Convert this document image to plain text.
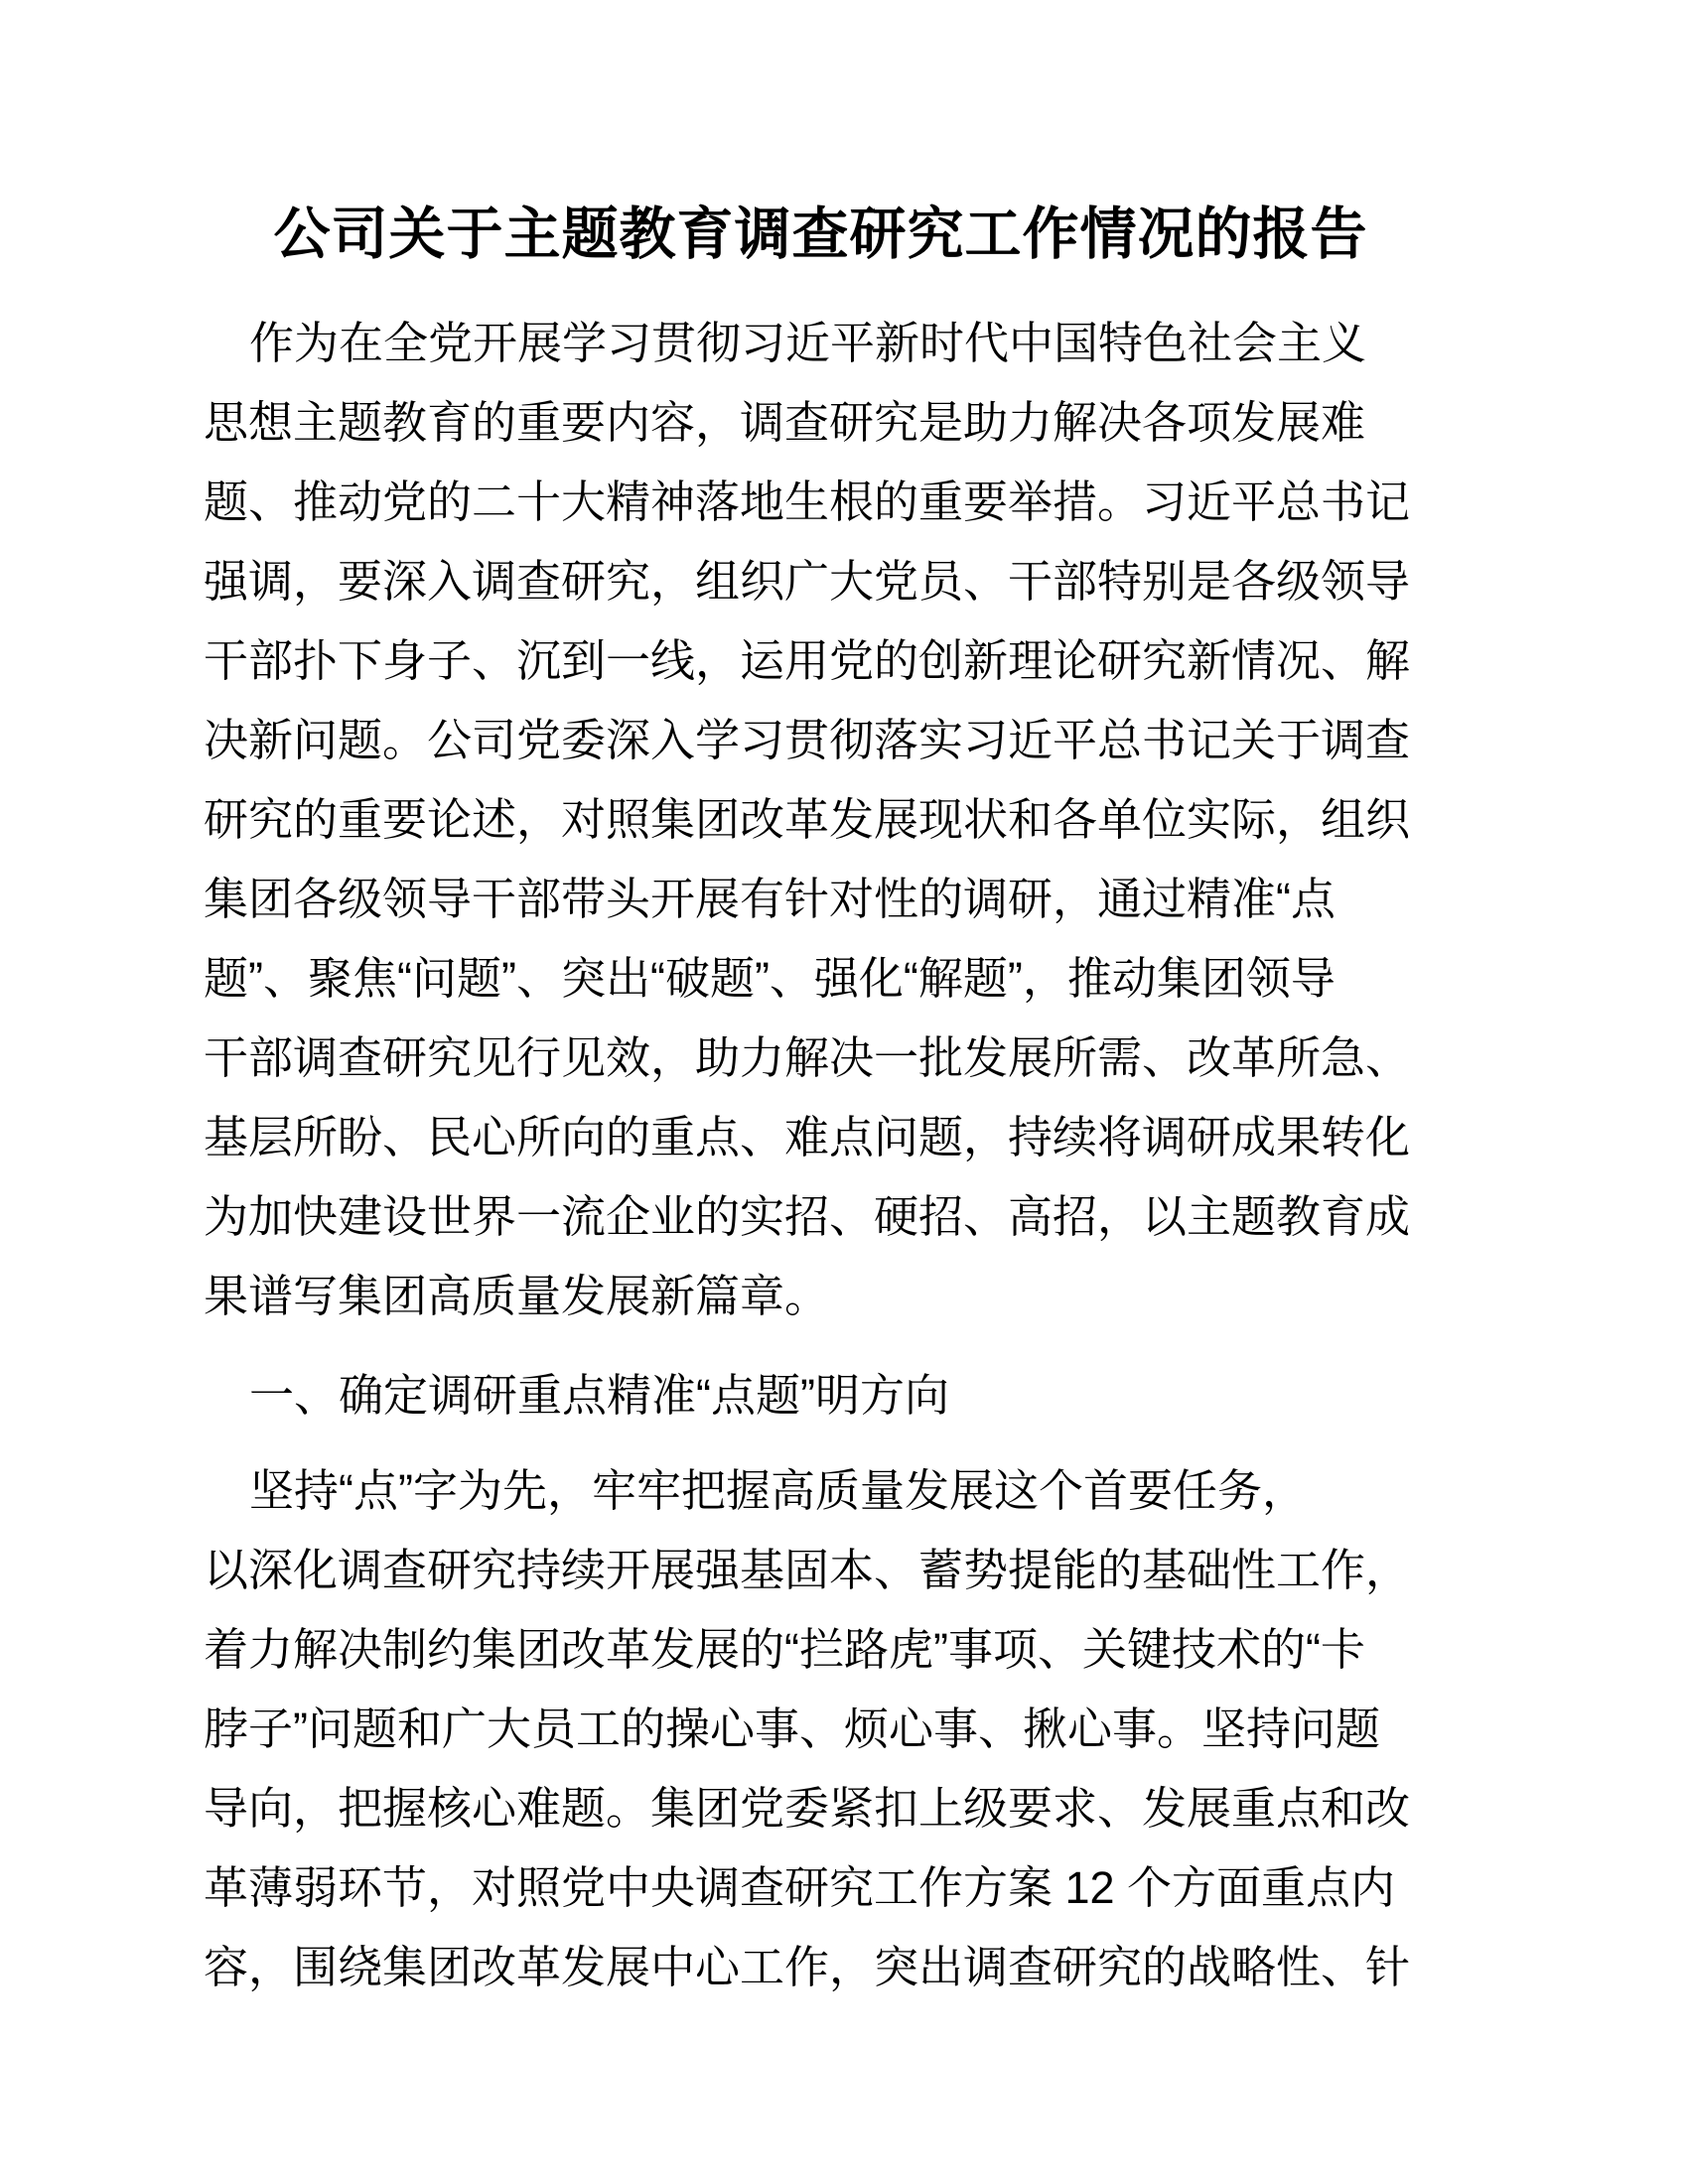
公司关于主题教育调查研究工作情况的报告
作为在全党开展学习贯彻习近平新时代中国特色社会主义
思想主题教育的重要内容，调查研究是助力解决各项发展难
题、推动党的二十大精神落地生根的重要举措。习近平总书记
强调，要深入调查研究，组织广大党员、干部特别是各级领导
干部扑下身子、沉到一线，运用党的创新理论研究新情况、解
决新问题。公司党委深入学习贯彻落实习近平总书记关于调查
研究的重要论述，对照集团改革发展现状和各单位实际，组织
集团各级领导干部带头开展有针对性的调研，通过精准“点
题”、聚焦“问题”、突出“破题”、强化“解题”，推动集团领导
干部调查研究见行见效，助力解决一批发展所需、改革所急、
基层所盼、民心所向的重点、难点问题，持续将调研成果转化
为加快建设世界一流企业的实招、硬招、高招，以主题教育成
果谱写集团高质量发展新篇章。
一、确定调研重点精准“点题”明方向
坚持“点”字为先，牢牢把握高质量发展这个首要任务，
以深化调查研究持续开展强基固本、蓄势提能的基础性工作，
着力解决制约集团改革发展的“拦路虎”事项、关键技术的“卡
脖子”问题和广大员工的操心事、烦心事、揪心事。坚持问题
导向，把握核心难题。集团党委紧扣上级要求、发展重点和改
革薄弱环节，对照党中央调查研究工作方案 12 个方面重点内
容，围绕集团改革发展中心工作，突出调查研究的战略性、针
